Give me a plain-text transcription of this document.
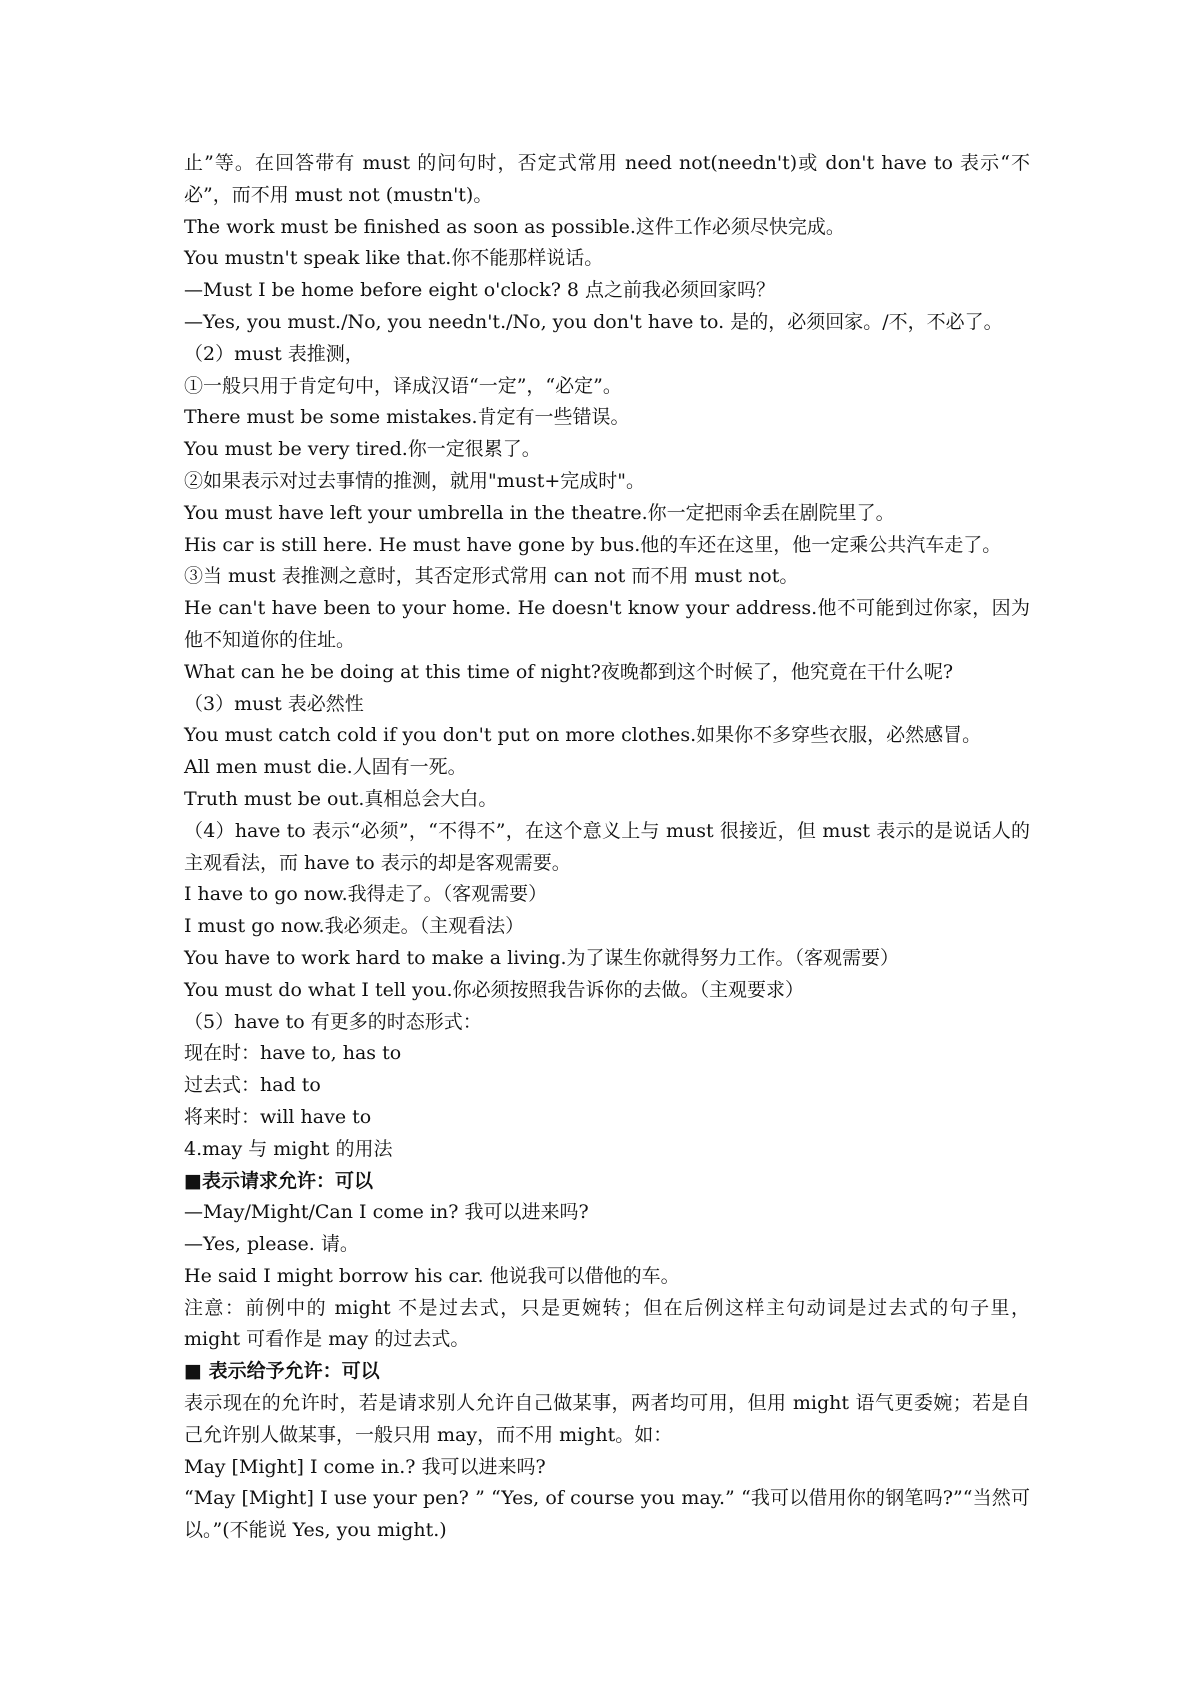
止”等。在回答带有 must 的问句时，否定式常用 need not(needn't)或 don't have to 表示“不必”，而不用 must not (mustn't)。

The work must be finished as soon as possible.这件工作必须尽快完成。

You mustn't speak like that.你不能那样说话。

—Must I be home before eight o'clock? 8 点之前我必须回家吗？

—Yes, you must./No, you needn't./No, you don't have to. 是的，必须回家。/不，不必了。

（2）must 表推测，

①一般只用于肯定句中，译成汉语“一定”，“必定”。

There must be some mistakes.肯定有一些错误。

You must be very tired.你一定很累了。

②如果表示对过去事情的推测，就用"must+完成时"。

You must have left your umbrella in the theatre.你一定把雨伞丢在剧院里了。

His car is still here. He must have gone by bus.他的车还在这里，他一定乘公共汽车走了。

③当 must 表推测之意时，其否定形式常用 can not 而不用 must not。

He can't have been to your home. He doesn't know your address.他不可能到过你家，因为他不知道你的住址。

What can he be doing at this time of night?夜晚都到这个时候了，他究竟在干什么呢?

（3）must 表必然性

You must catch cold if you don't put on more clothes.如果你不多穿些衣服，必然感冒。

All men must die.人固有一死。

Truth must be out.真相总会大白。

（4）have to 表示“必须”，“不得不”，在这个意义上与 must 很接近，但 must 表示的是说话人的主观看法，而 have to 表示的却是客观需要。

I have to go now.我得走了。（客观需要）

I must go now.我必须走。（主观看法）

You have to work hard to make a living.为了谋生你就得努力工作。（客观需要）

You must do what I tell you.你必须按照我告诉你的去做。（主观要求）

（5）have to 有更多的时态形式：

现在时：have to, has to

过去式：had to

将来时：will have to

4.may 与 might 的用法

■表示请求允许：可以

—May/Might/Can I come in? 我可以进来吗?

—Yes, please. 请。

He said I might borrow his car. 他说我可以借他的车。

注意：前例中的 might 不是过去式，只是更婉转；但在后例这样主句动词是过去式的句子里，might 可看作是 may 的过去式。

■ 表示给予允许：可以

表示现在的允许时，若是请求别人允许自己做某事，两者均可用，但用 might 语气更委婉；若是自己允许别人做某事，一般只用 may，而不用 might。如：

May [Might] I come in.? 我可以进来吗?

“May [Might] I use your pen? ” “Yes, of course you may.” “我可以借用你的钢笔吗?”“当然可以。”(不能说 Yes, you might.)
